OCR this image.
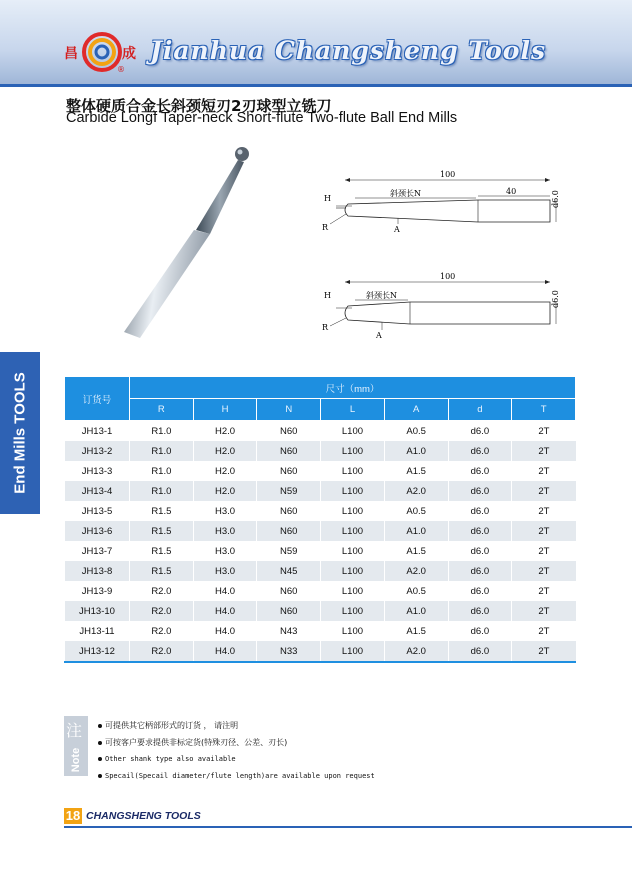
昌	成
®
Jianhua Changsheng Tools
整体硬质合金长斜颈短刃2刃球型立铣刀
Carbide Longf Taper-neck Short-flute Two-flute Ball End Mills
100
40
斜颈长N
H
R	A
d6.0
100
斜颈长N
H
R
A
d6.0
End Mills TOOLS	订货号	尺寸（mm）						
	R	H	N	L	A	d	T
JH13-1	R1.0	H2.0	N60	L100	A0.5	d6.0	2T
JH13-2	R1.0	H2.0	N60	L100	A1.0	d6.0	2T
JH13-3	R1.0	H2.0	N60	L100	A1.5	d6.0	2T
JH13-4	R1.0	H2.0	N59	L100	A2.0	d6.0	2T
JH13-5	R1.5	H3.0	N60	L100	A0.5	d6.0	2T
JH13-6	R1.5	H3.0	N60	L100	A1.0	d6.0	2T
JH13-7	R1.5	H3.0	N59	L100	A1.5	d6.0	2T
JH13-8	R1.5	H3.0	N45	L100	A2.0	d6.0	2T
JH13-9	R2.0	H4.0	N60	L100	A0.5	d6.0	2T
JH13-10	R2.0	H4.0	N60	L100	A1.0	d6.0	2T
JH13-11	R2.0	H4.0	N43	L100	A1.5	d6.0	2T
JH13-12	R2.0	H4.0	N33	L100	A2.0	d6.0	2T
注
Note
可提供其它柄部形式的订货 ， 请注明
可按客户要求提供非标定货(特殊刃径、公差、刃长)
Other shank type also available
Specail(Specail diameter/flute length)are available upon request
18 CHANGSHENG TOOLS
